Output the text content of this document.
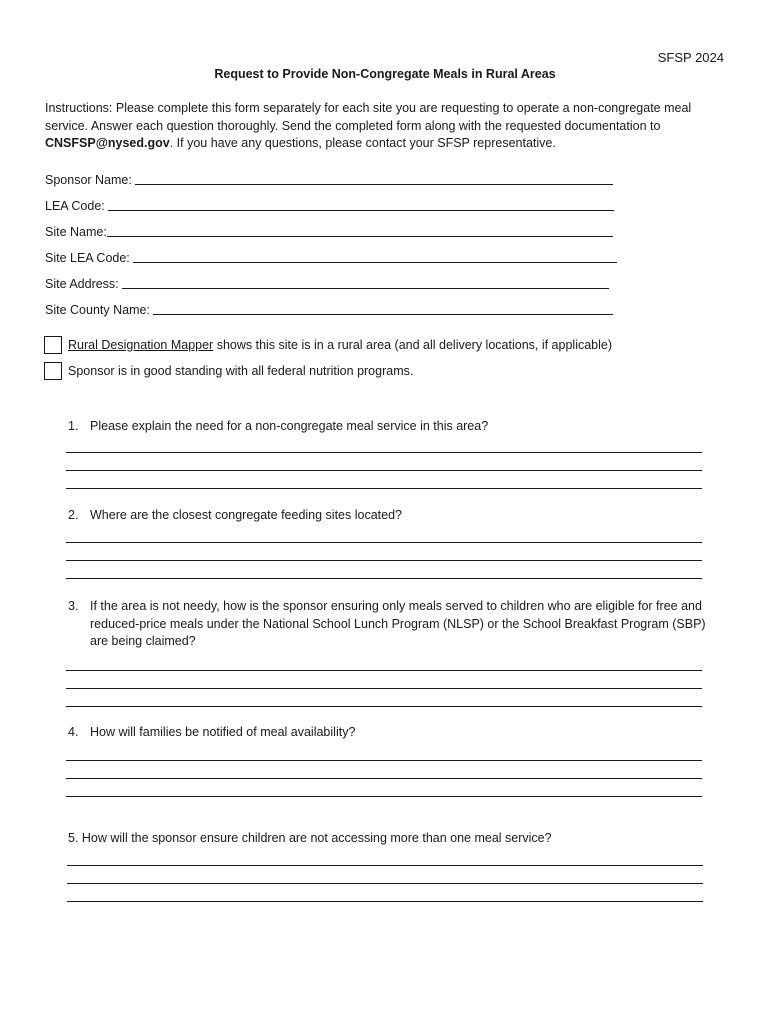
SFSP 2024
Request to Provide Non-Congregate Meals in Rural Areas
Instructions: Please complete this form separately for each site you are requesting to operate a non-congregate meal service. Answer each question thoroughly. Send the completed form along with the requested documentation to CNSFSP@nysed.gov. If you have any questions, please contact your SFSP representative.
Sponsor Name:
LEA Code:
Site Name:
Site LEA Code:
Site Address:
Site County Name:
Rural Designation Mapper shows this site is in a rural area (and all delivery locations, if applicable)
Sponsor is in good standing with all federal nutrition programs.
1. Please explain the need for a non-congregate meal service in this area?
2. Where are the closest congregate feeding sites located?
3. If the area is not needy, how is the sponsor ensuring only meals served to children who are eligible for free and reduced-price meals under the National School Lunch Program (NLSP) or the School Breakfast Program (SBP) are being claimed?
4. How will families be notified of meal availability?
5. How will the sponsor ensure children are not accessing more than one meal service?
